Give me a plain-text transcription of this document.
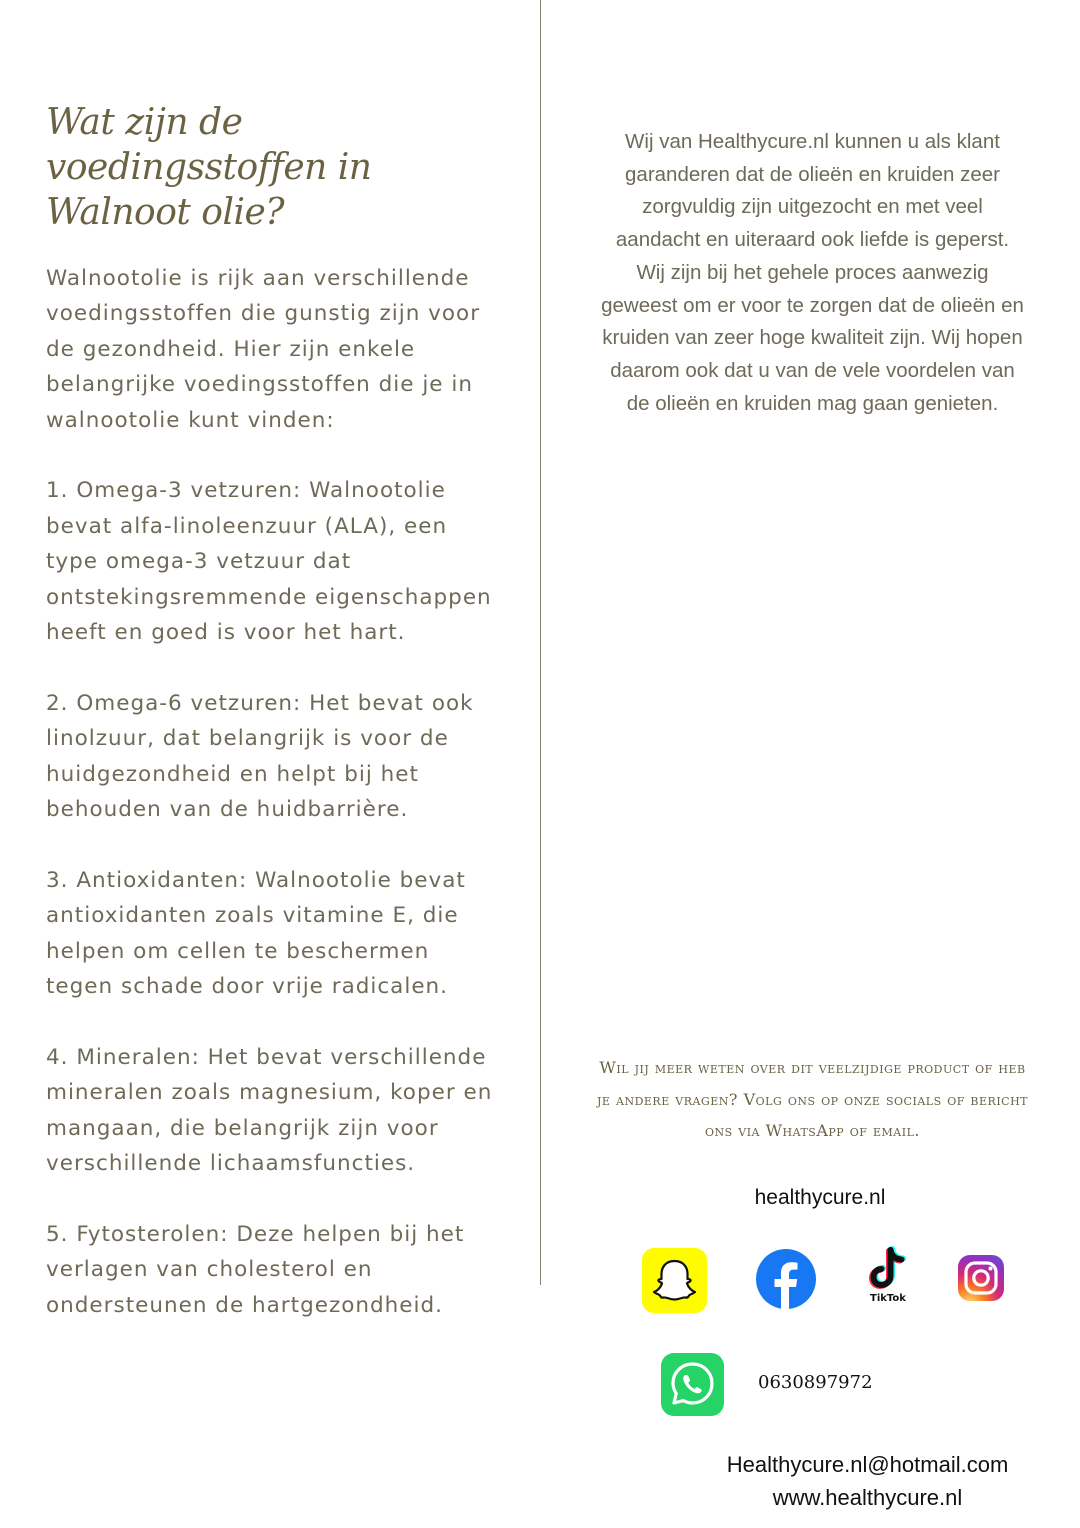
Wat zijn de voedingsstoffen in Walnoot olie?

Walnootolie is rijk aan verschillende voedingsstoffen die gunstig zijn voor de gezondheid. Hier zijn enkele belangrijke voedingsstoffen die je in walnootolie kunt vinden:

1. Omega-3 vetzuren: Walnootolie bevat alfa-linoleenzuur (ALA), een type omega-3 vetzuur dat ontstekingsremmende eigenschappen heeft en goed is voor het hart.

2. Omega-6 vetzuren: Het bevat ook linolzuur, dat belangrijk is voor de huidgezondheid en helpt bij het behouden van de huidbarrière.

3. Antioxidanten: Walnootolie bevat antioxidanten zoals vitamine E, die helpen om cellen te beschermen tegen schade door vrije radicalen.

4. Mineralen: Het bevat verschillende mineralen zoals magnesium, koper en mangaan, die belangrijk zijn voor verschillende lichaamsfuncties.

5. Fytosterolen: Deze helpen bij het verlagen van cholesterol en ondersteunen de hartgezondheid.

Wij van Healthycure.nl kunnen u als klant garanderen dat de olieën en kruiden zeer zorgvuldig zijn uitgezocht en met veel aandacht en uiteraard ook liefde is geperst. Wij zijn bij het gehele proces aanwezig geweest om er voor te zorgen dat de olieën en kruiden van zeer hoge kwaliteit zijn. Wij hopen daarom ook dat u van de vele voordelen van de olieën en kruiden mag gaan genieten.

Wil jij meer weten over dit veelzijdige product of heb je andere vragen? Volg ons op onze socials of bericht ons via WhatsApp of email.

healthycure.nl
TikTok
0630897972
Healthycure.nl@hotmail.com
www.healthycure.nl
